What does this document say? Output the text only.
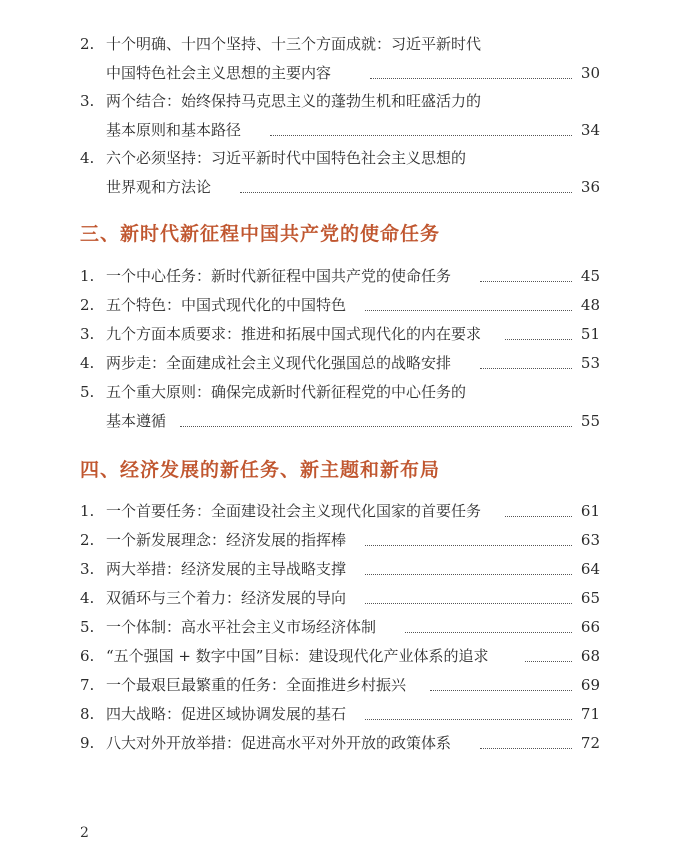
2. 十个明确、十四个坚持、十三个方面成就：习近平新时代
中国特色社会主义思想的主要内容	30
3. 两个结合：始终保持马克思主义的蓬勃生机和旺盛活力的
基本原则和基本路径	34
4. 六个必须坚持：习近平新时代中国特色社会主义思想的
世界观和方法论	36
三、新时代新征程中国共产党的使命任务
1. 一个中心任务：新时代新征程中国共产党的使命任务	45
2. 五个特色：中国式现代化的中国特色	48
3. 九个方面本质要求：推进和拓展中国式现代化的内在要求	51
4. 两步走：全面建成社会主义现代化强国总的战略安排	53
5. 五个重大原则：确保完成新时代新征程党的中心任务的
基本遵循	55
四、经济发展的新任务、新主题和新布局
1. 一个首要任务：全面建设社会主义现代化国家的首要任务	61
2. 一个新发展理念：经济发展的指挥棒	63
3. 两大举措：经济发展的主导战略支撑	64
4. 双循环与三个着力：经济发展的导向	65
5. 一个体制：高水平社会主义市场经济体制	66
6. “五个强国 + 数字中国”目标：建设现代化产业体系的追求	68
7. 一个最艰巨最繁重的任务：全面推进乡村振兴	69
8. 四大战略：促进区域协调发展的基石	71
9. 八大对外开放举措：促进高水平对外开放的政策体系	72
2
